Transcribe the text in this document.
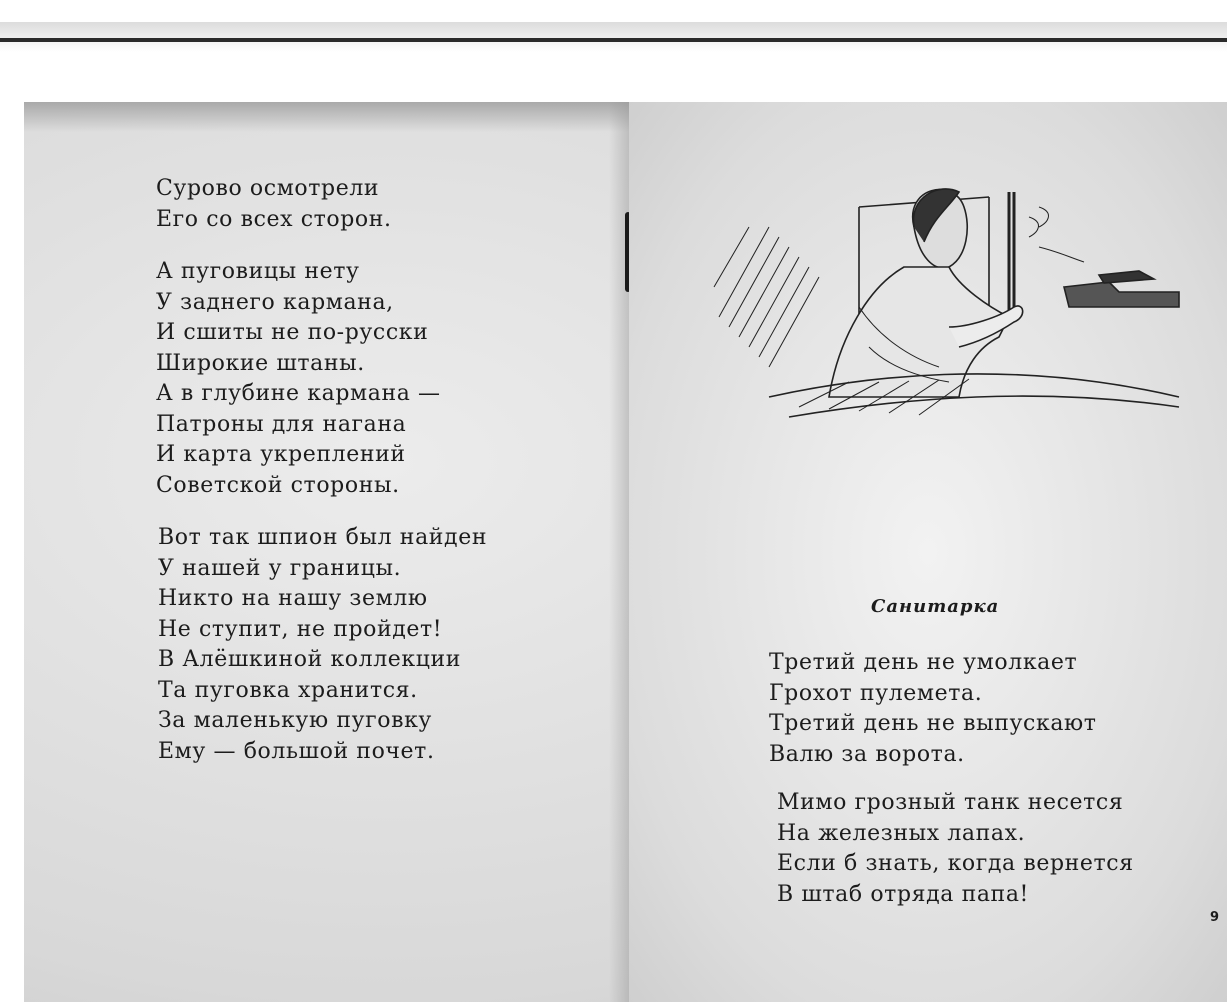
Сурово осмотрели
Его со всех сторон.

А пуговицы нету
У заднего кармана,
И сшиты не по-русски
Широкие штаны.
А в глубине кармана —
Патроны для нагана
И карта укреплений
Советской стороны.

Вот так шпион был найден
У нашей у границы.
Никто на нашу землю
Не ступит, не пройдет!
В Алёшкиной коллекции
Та пуговка хранится.
За маленькую пуговку
Ему — большой почет.

Санитарка

Третий день не умолкает
Грохот пулемета.
Третий день не выпускают
Валю за ворота.

Мимо грозный танк несется
На железных лапах.
Если б знать, когда вернется
В штаб отряда папа!

9
